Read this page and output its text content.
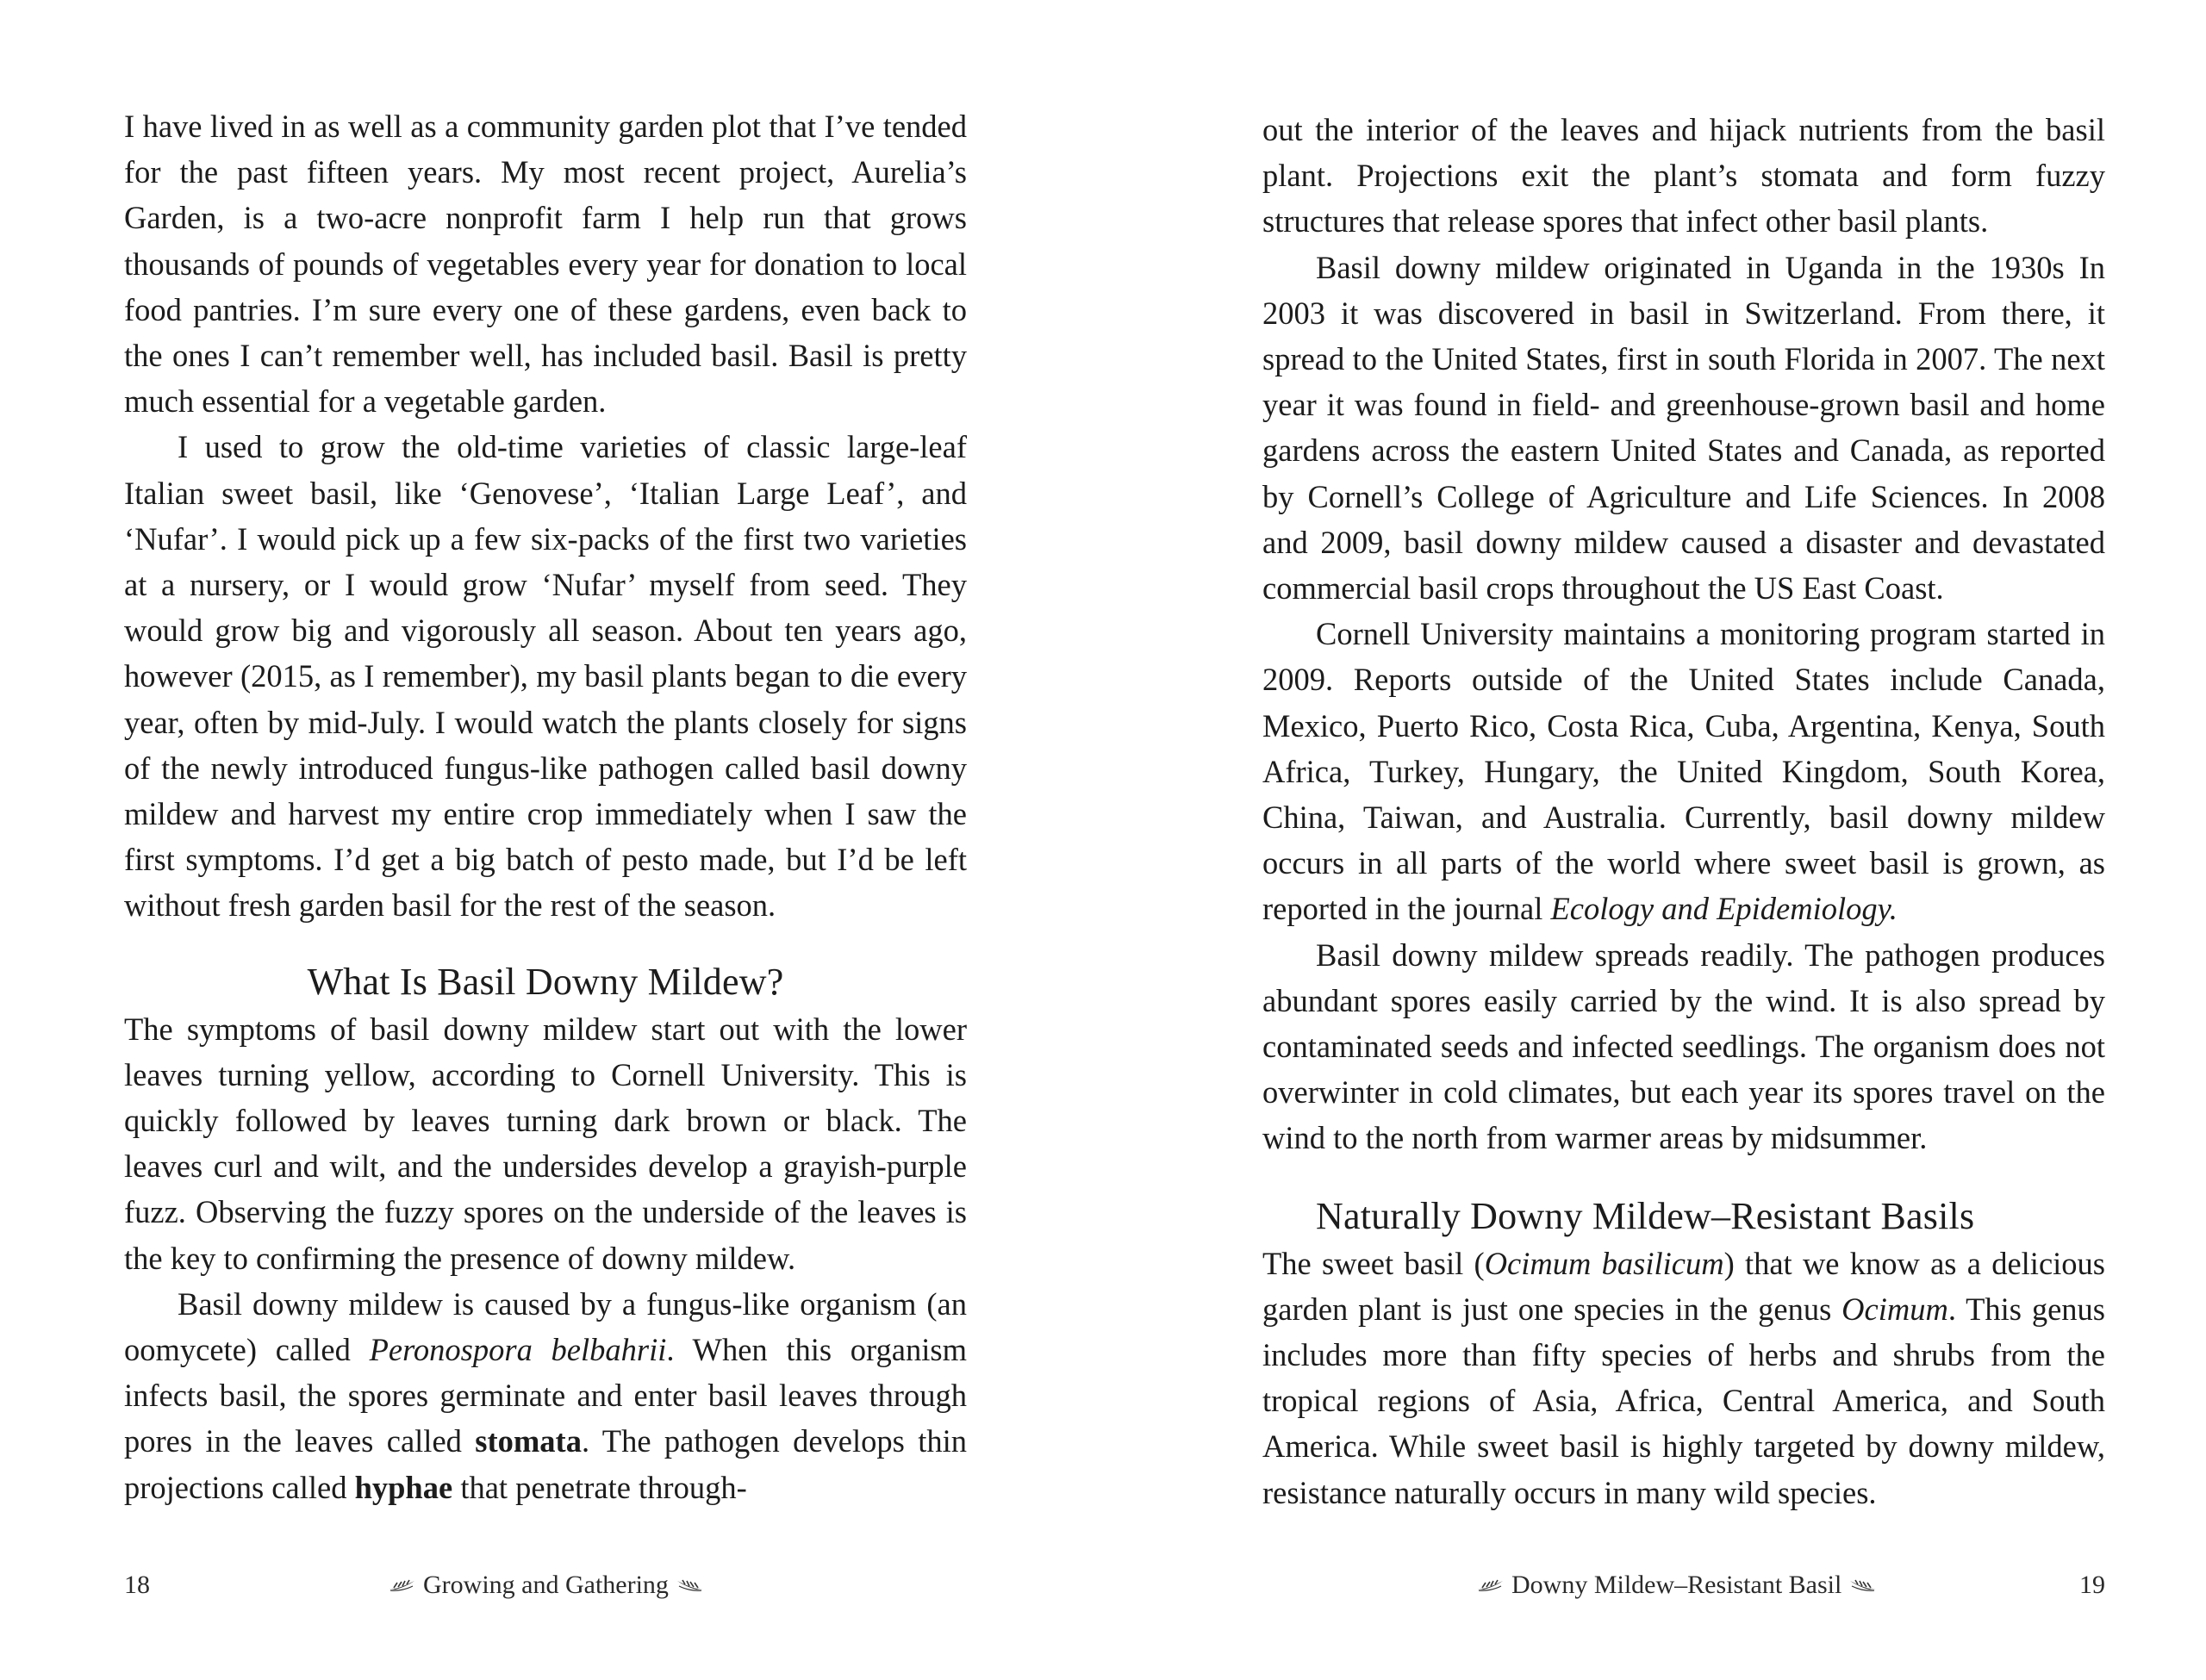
I have lived in as well as a community garden plot that I’ve tended for the past fifteen years. My most recent project, Aurelia’s Garden, is a two-acre nonprofit farm I help run that grows thousands of pounds of vegetables every year for donation to local food pantries. I’m sure every one of these gardens, even back to the ones I can’t remember well, has included basil. Basil is pretty much essential for a vegetable garden.

I used to grow the old-time varieties of classic large-leaf Italian sweet basil, like ‘Genovese’, ‘Italian Large Leaf’, and ‘Nufar’. I would pick up a few six-packs of the first two varieties at a nursery, or I would grow ‘Nufar’ myself from seed. They would grow big and vigorously all season. About ten years ago, however (2015, as I remember), my basil plants began to die every year, often by mid-July. I would watch the plants closely for signs of the newly introduced fungus-like pathogen called basil downy mildew and harvest my entire crop immediately when I saw the first symptoms. I’d get a big batch of pesto made, but I’d be left without fresh garden basil for the rest of the season.

What Is Basil Downy Mildew?

The symptoms of basil downy mildew start out with the lower leaves turning yellow, according to Cornell University. This is quickly followed by leaves turning dark brown or black. The leaves curl and wilt, and the undersides develop a grayish-purple fuzz. Observing the fuzzy spores on the underside of the leaves is the key to confirming the presence of downy mildew.

Basil downy mildew is caused by a fungus-like organism (an oomycete) called Peronospora belbahrii. When this organism infects basil, the spores germinate and enter basil leaves through pores in the leaves called stomata. The pathogen develops thin projections called hyphae that penetrate through-

18	Growing and Gathering

out the interior of the leaves and hijack nutrients from the basil plant. Projections exit the plant’s stomata and form fuzzy structures that release spores that infect other basil plants.

Basil downy mildew originated in Uganda in the 1930s In 2003 it was discovered in basil in Switzerland. From there, it spread to the United States, first in south Florida in 2007. The next year it was found in field- and greenhouse-grown basil and home gardens across the eastern United States and Canada, as reported by Cornell’s College of Agriculture and Life Sciences. In 2008 and 2009, basil downy mildew caused a disaster and devastated commercial basil crops throughout the US East Coast.

Cornell University maintains a monitoring program started in 2009. Reports outside of the United States include Canada, Mexico, Puerto Rico, Costa Rica, Cuba, Argentina, Kenya, South Africa, Turkey, Hungary, the United Kingdom, South Korea, China, Taiwan, and Australia. Currently, basil downy mildew occurs in all parts of the world where sweet basil is grown, as reported in the journal Ecology and Epidemiology.

Basil downy mildew spreads readily. The pathogen produces abundant spores easily carried by the wind. It is also spread by contaminated seeds and infected seedlings. The organism does not overwinter in cold climates, but each year its spores travel on the wind to the north from warmer areas by midsummer.

Naturally Downy Mildew–Resistant Basils

The sweet basil (Ocimum basilicum) that we know as a delicious garden plant is just one species in the genus Ocimum. This genus includes more than fifty species of herbs and shrubs from the tropical regions of Asia, Africa, Central America, and South America. While sweet basil is highly targeted by downy mildew, resistance naturally occurs in many wild species.

Downy Mildew–Resistant Basil	19
